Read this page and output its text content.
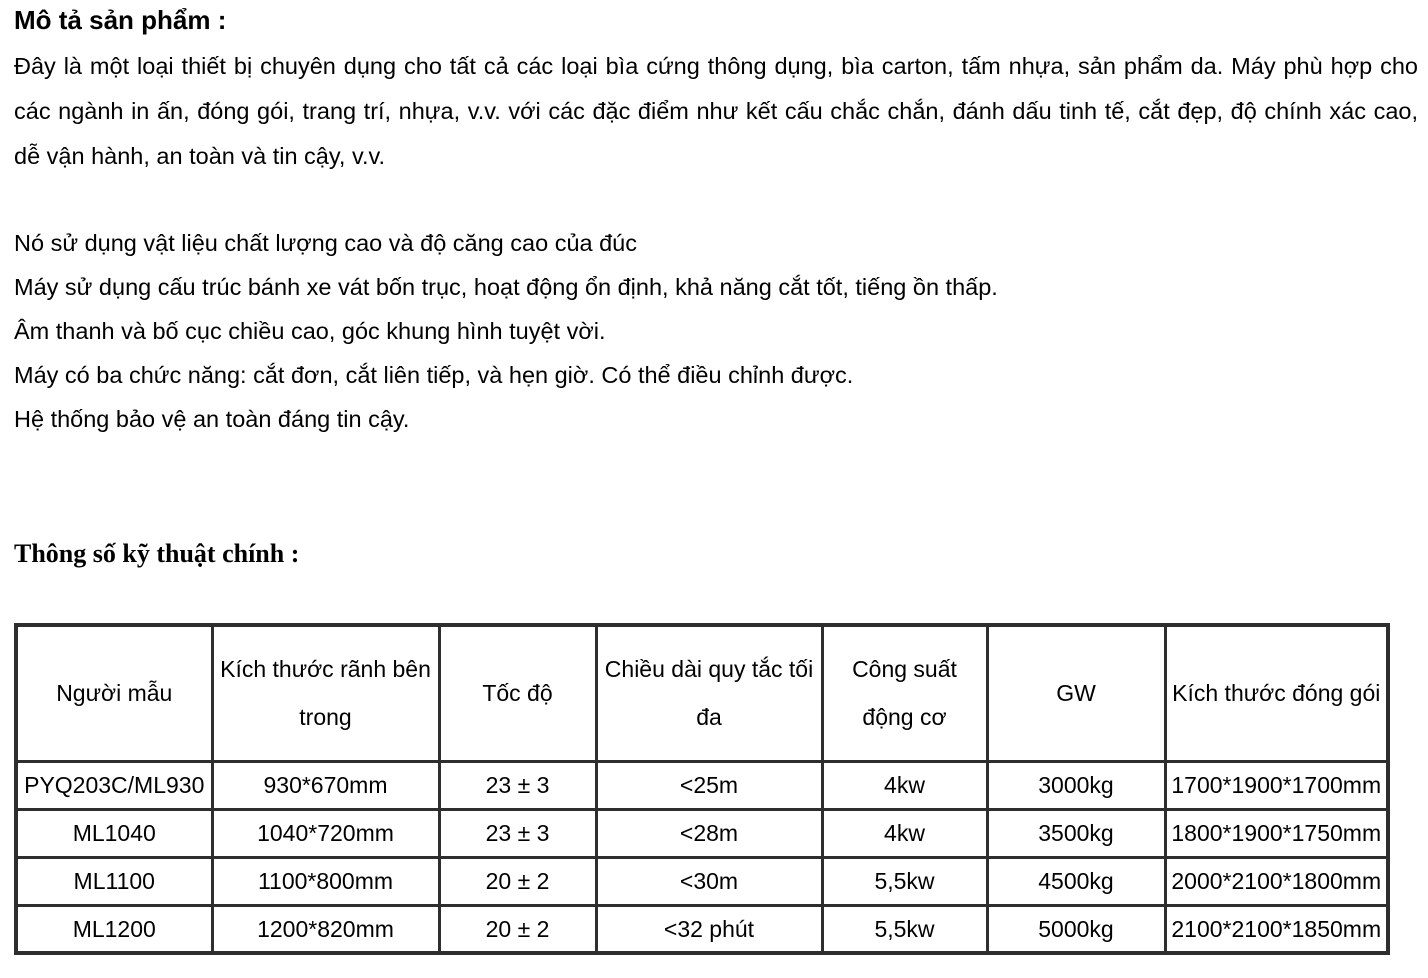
Mô tả sản phẩm :
Đây là một loại thiết bị chuyên dụng cho tất cả các loại bìa cứng thông dụng, bìa carton, tấm nhựa, sản phẩm da. Máy phù hợp cho các ngành in ấn, đóng gói, trang trí, nhựa, v.v. với các đặc điểm như kết cấu chắc chắn, đánh dấu tinh tế, cắt đẹp, độ chính xác cao, dễ vận hành, an toàn và tin cậy, v.v.
Nó sử dụng vật liệu chất lượng cao và độ căng cao của đúc
Máy sử dụng cấu trúc bánh xe vát bốn trục, hoạt động ổn định, khả năng cắt tốt, tiếng ồn thấp.
Âm thanh và bố cục chiều cao, góc khung hình tuyệt vời.
Máy có ba chức năng: cắt đơn, cắt liên tiếp, và hẹn giờ. Có thể điều chỉnh được.
Hệ thống bảo vệ an toàn đáng tin cậy.
Thông số kỹ thuật chính :
Người mẫu	Kích thước rãnh bên trong	Tốc độ	Chiều dài quy tắc tối đa	Công suất động cơ	GW	Kích thước đóng gói
PYQ203C/ML930	930*670mm	23 ± 3	<25m	4kw	3000kg	1700*1900*1700mm
ML1040	1040*720mm	23 ± 3	<28m	4kw	3500kg	1800*1900*1750mm
ML1100	1100*800mm	20 ± 2	<30m	5,5kw	4500kg	2000*2100*1800mm
ML1200	1200*820mm	20 ± 2	<32 phút	5,5kw	5000kg	2100*2100*1850mm
